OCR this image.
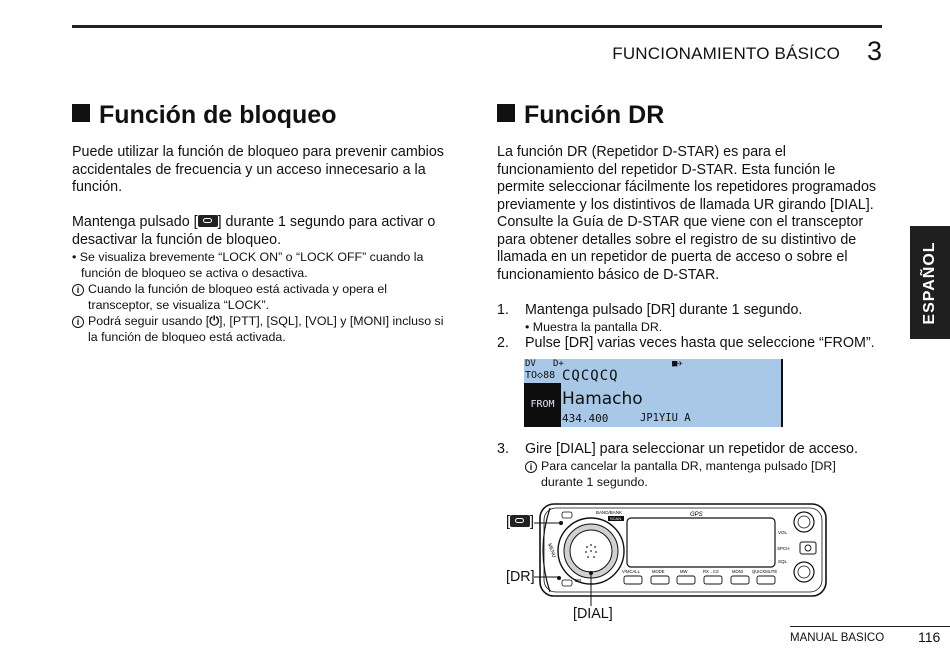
FUNCIONAMIENTO BÁSICO 3
ESPAÑOL
Función de bloqueo
Puede utilizar la función de bloqueo para prevenir cambios
accidentales de frecuencia y un acceso innecesario a la
función.
Mantenga pulsado [ ] durante 1 segundo para activar o
desactivar la función de bloqueo.
• Se visualiza brevemente “LOCK ON” o “LOCK OFF” cuando la
función de bloqueo se activa o desactiva.
i Cuando la función de bloqueo está activada y opera el
transceptor, se visualiza “LOCK”.
i Podrá seguir usando [⏻], [PTT], [SQL], [VOL] y [MONI] incluso si
la función de bloqueo está activada.
Función DR
La función DR (Repetidor D-STAR) es para el
funcionamiento del repetidor D-STAR. Esta función le
permite seleccionar fácilmente los repetidores programados
previamente y los distintivos de llamada UR girando [DIAL].
Consulte la Guía de D-STAR que viene con el transceptor
para obtener detalles sobre el registro de su distintivo de
llamada en un repetidor de puerta de acceso o sobre el
funcionamiento básico de D-STAR.
1. Mantenga pulsado [DR] durante 1 segundo.
• Muestra la pantalla DR.
2. Pulse [DR] varias veces hasta que seleccione “FROM”.
DV D+	■✈
TO◇88 CQCQCQ
FROM Hamacho
434.400	JP1YIU A
3. Gire [DIAL] para seleccionar un repetidor de acceso.
i Para cancelar la pantalla DR, mantenga pulsado [DR]
durante 1 segundo.
MENU
DR
BAND/BANK
SCAN
GPS
VOL
SPCH
SQL
V/MCALL	MODE	MW	RX→CS	MONI QUICKMUTE
[ ]
[DR]
[DIAL]
MANUAL BASICO 116
